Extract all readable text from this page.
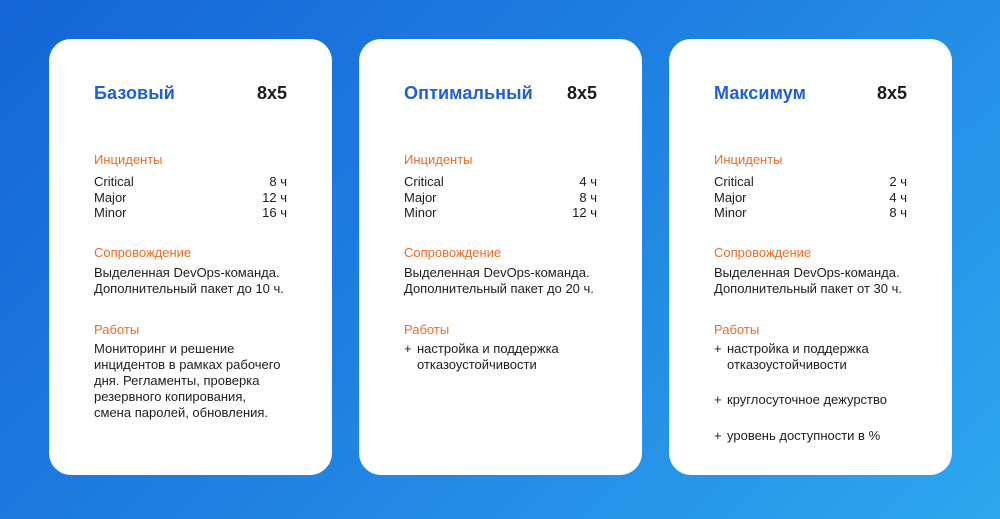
Базовый	8x5
Инциденты
Critical	8 ч
Major	12 ч
Minor	16 ч
Сопровождение
Выделенная DevOps-команда.
Дополнительный пакет до 10 ч.
Работы
Мониторинг и решение
инцидентов в рамках рабочего
дня. Регламенты, проверка
резервного копирования,
смена паролей, обновления.
Оптимальный 8x5
Инциденты
Critical	4 ч
Major	8 ч
Minor	12 ч
Сопровождение
Выделенная DevOps-команда.
Дополнительный пакет до 20 ч.
Работы
+ настройка и поддержка
отказоустойчивости
Максимум	8x5
Инциденты
Critical	2 ч
Major	4 ч
Minor	8 ч
Сопровождение
Выделенная DevOps-команда.
Дополнительный пакет от 30 ч.
Работы
+ настройка и поддержка
отказоустойчивости
+ круглосуточное дежурство
+ уровень доступности в %
